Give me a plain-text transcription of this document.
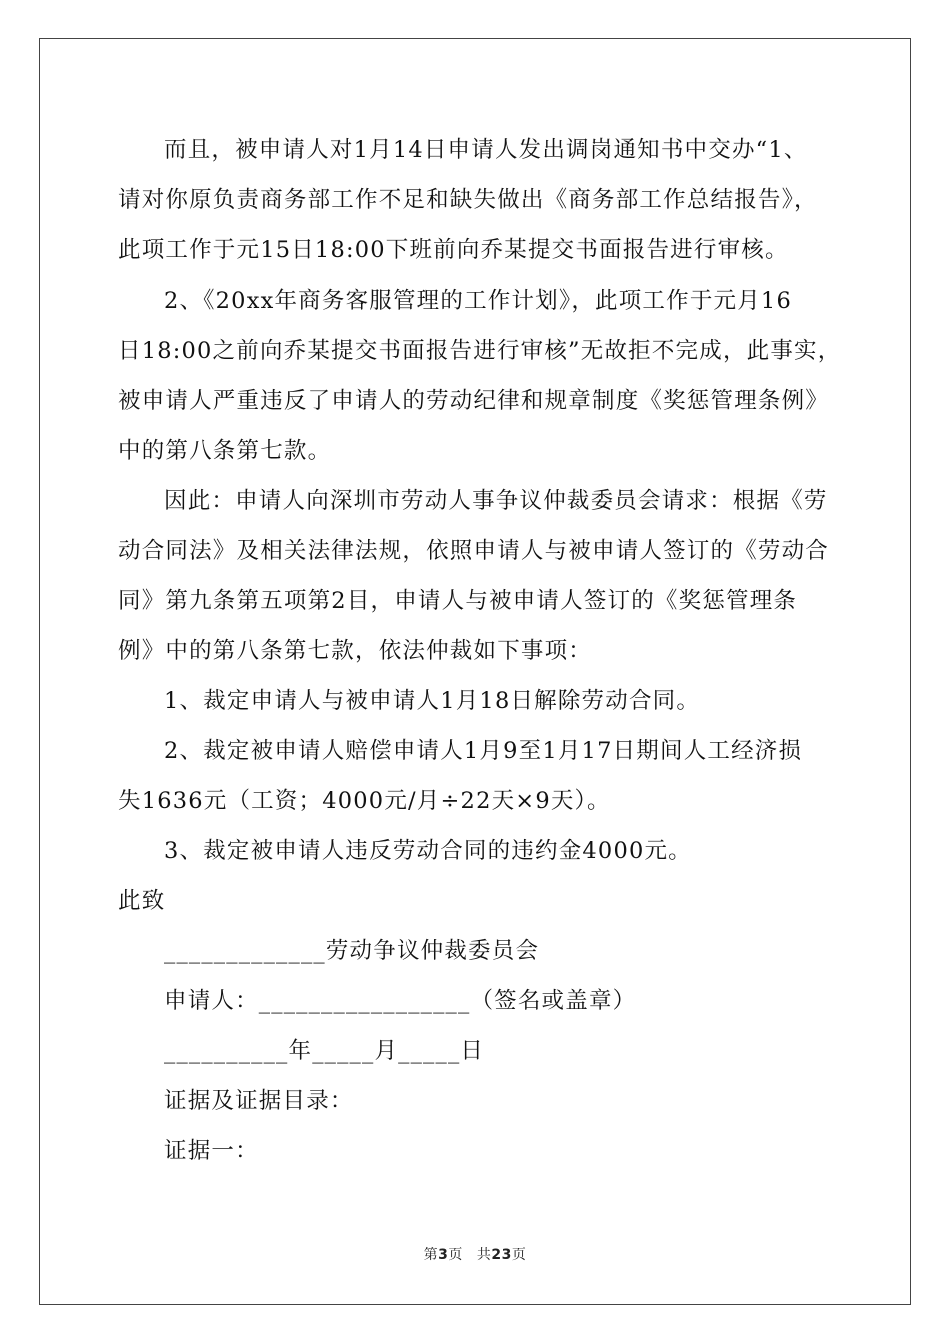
而且，被申请人对1月14日申请人发出调岗通知书中交办“1、
请对你原负责商务部工作不足和缺失做出《商务部工作总结报告》，
此项工作于元15日18:00下班前向乔某提交书面报告进行审核。
2、《20xx年商务客服管理的工作计划》，此项工作于元月16
日18:00之前向乔某提交书面报告进行审核”无故拒不完成，此事实，
被申请人严重违反了申请人的劳动纪律和规章制度《奖惩管理条例》
中的第八条第七款。
因此：申请人向深圳市劳动人事争议仲裁委员会请求：根据《劳
动合同法》及相关法律法规，依照申请人与被申请人签订的《劳动合
同》第九条第五项第2目，申请人与被申请人签订的《奖惩管理条
例》中的第八条第七款，依法仲裁如下事项：
1、裁定申请人与被申请人1月18日解除劳动合同。
2、裁定被申请人赔偿申请人1月9至1月17日期间人工经济损
失1636元（工资；4000元/月÷22天×9天）。
3、裁定被申请人违反劳动合同的违约金4000元。
此致
_____________劳动争议仲裁委员会
申请人：_________________（签名或盖章）
__________年_____月_____日
证据及证据目录：
证据一：
第3页 共23页
